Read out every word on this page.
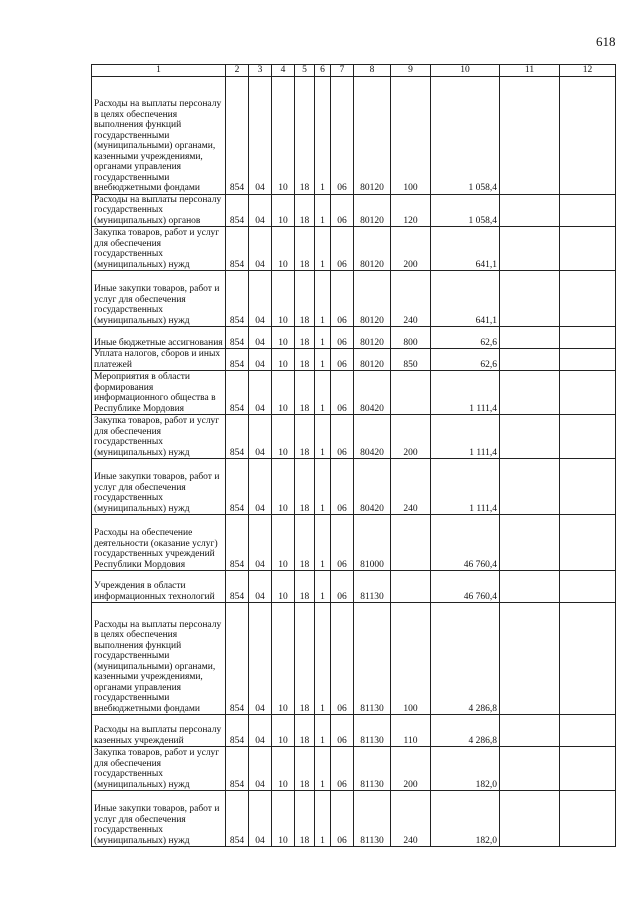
618
1	2	3	4	5	6	7	8	9	10	11	12
Расходы на выплаты персоналу в целях обеспечения выполнения функций государственными (муниципальными) органами, казенными учреждениями, органами управления государственными внебюджетными фондами	854	04	10	18	1	06	80120	100	1 058,4		
Расходы на выплаты персоналу государственных (муниципальных) органов	854	04	10	18	1	06	80120	120	1 058,4		
Закупка товаров, работ и услуг для обеспечения государственных (муниципальных) нужд	854	04	10	18	1	06	80120	200	641,1		
Иные закупки товаров, работ и услуг для обеспечения государственных (муниципальных) нужд	854	04	10	18	1	06	80120	240	641,1		
Иные бюджетные ассигнования	854	04	10	18	1	06	80120	800	62,6		
Уплата налогов, сборов и иных платежей	854	04	10	18	1	06	80120	850	62,6		
Мероприятия в области формирования информационного общества в Республике Мордовия	854	04	10	18	1	06	80420		1 111,4		
Закупка товаров, работ и услуг для обеспечения государственных (муниципальных) нужд	854	04	10	18	1	06	80420	200	1 111,4		
Иные закупки товаров, работ и услуг для обеспечения государственных (муниципальных) нужд	854	04	10	18	1	06	80420	240	1 111,4		
Расходы на обеспечение деятельности (оказание услуг) государственных учреждений Республики Мордовия	854	04	10	18	1	06	81000		46 760,4		
Учреждения в области информационных технологий	854	04	10	18	1	06	81130		46 760,4		
Расходы на выплаты персоналу в целях обеспечения выполнения функций государственными (муниципальными) органами, казенными учреждениями, органами управления государственными внебюджетными фондами	854	04	10	18	1	06	81130	100	4 286,8		
Расходы на выплаты персоналу казенных учреждений	854	04	10	18	1	06	81130	110	4 286,8		
Закупка товаров, работ и услуг для обеспечения государственных (муниципальных) нужд	854	04	10	18	1	06	81130	200	182,0		
Иные закупки товаров, работ и услуг для обеспечения государственных (муниципальных) нужд	854	04	10	18	1	06	81130	240	182,0		
